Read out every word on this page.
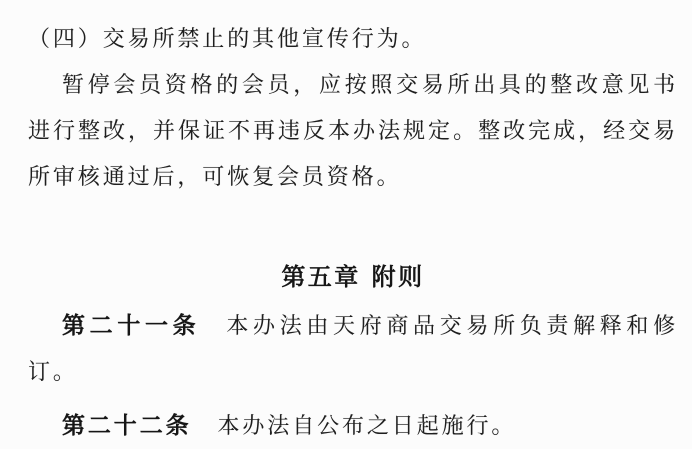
（四）交易所禁止的其他宣传行为。

暂停会员资格的会员，应按照交易所出具的整改意见书进行整改，并保证不再违反本办法规定。整改完成，经交易所审核通过后，可恢复会员资格。

第五章 附则

第二十一条 本办法由天府商品交易所负责解释和修订。

第二十二条 本办法自公布之日起施行。
